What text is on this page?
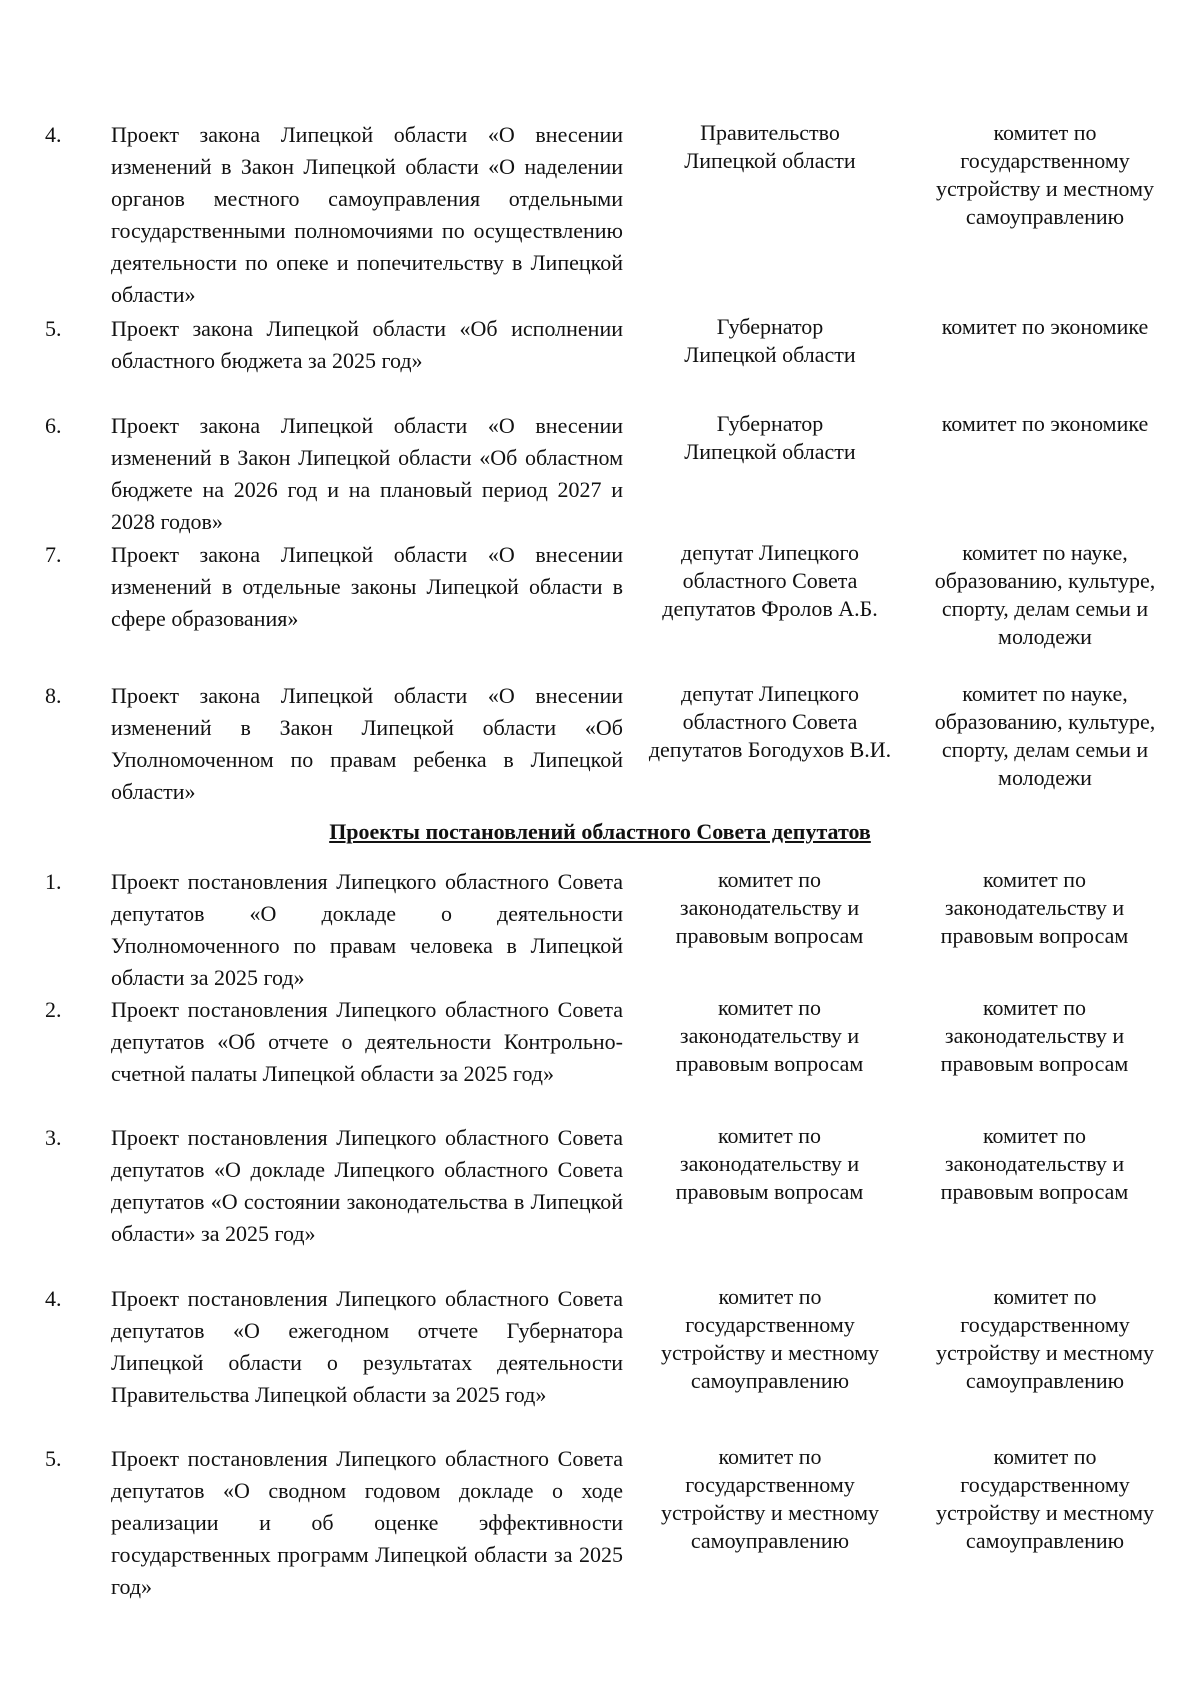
4. Проект закона Липецкой области «О внесении изменений в Закон Липецкой области «О наделении органов местного самоуправления отдельными государственными полномочиями по осуществлению деятельности по опеке и попечительству в Липецкой области»
Правительство Липецкой области
комитет по государственному устройству и местному самоуправлению
5. Проект закона Липецкой области «Об исполнении областного бюджета за 2025 год»
Губернатор Липецкой области
комитет по экономике
6. Проект закона Липецкой области «О внесении изменений в Закон Липецкой области «Об областном бюджете на 2026 год и на плановый период 2027 и 2028 годов»
Губернатор Липецкой области
комитет по экономике
7. Проект закона Липецкой области «О внесении изменений в отдельные законы Липецкой области в сфере образования»
депутат Липецкого областного Совета депутатов Фролов А.Б.
комитет по науке, образованию, культуре, спорту, делам семьи и молодежи
8. Проект закона Липецкой области «О внесении изменений в Закон Липецкой области «Об Уполномоченном по правам ребенка в Липецкой области»
депутат Липецкого областного Совета депутатов Богодухов В.И.
комитет по науке, образованию, культуре, спорту, делам семьи и молодежи
Проекты постановлений областного Совета депутатов
1. Проект постановления Липецкого областного Совета депутатов «О докладе о деятельности Уполномоченного по правам человека в Липецкой области за 2025 год»
комитет по законодательству и правовым вопросам
комитет по законодательству и правовым вопросам
2. Проект постановления Липецкого областного Совета депутатов «Об отчете о деятельности Контрольно-счетной палаты Липецкой области за 2025 год»
комитет по законодательству и правовым вопросам
комитет по законодательству и правовым вопросам
3. Проект постановления Липецкого областного Совета депутатов «О докладе Липецкого областного Совета депутатов «О состоянии законодательства в Липецкой области» за 2025 год»
комитет по законодательству и правовым вопросам
комитет по законодательству и правовым вопросам
4. Проект постановления Липецкого областного Совета депутатов «О ежегодном отчете Губернатора Липецкой области о результатах деятельности Правительства Липецкой области за 2025 год»
комитет по государственному устройству и местному самоуправлению
комитет по государственному устройству и местному самоуправлению
5. Проект постановления Липецкого областного Совета депутатов «О сводном годовом докладе о ходе реализации и об оценке эффективности государственных программ Липецкой области за 2025 год»
комитет по государственному устройству и местному самоуправлению
комитет по государственному устройству и местному самоуправлению
